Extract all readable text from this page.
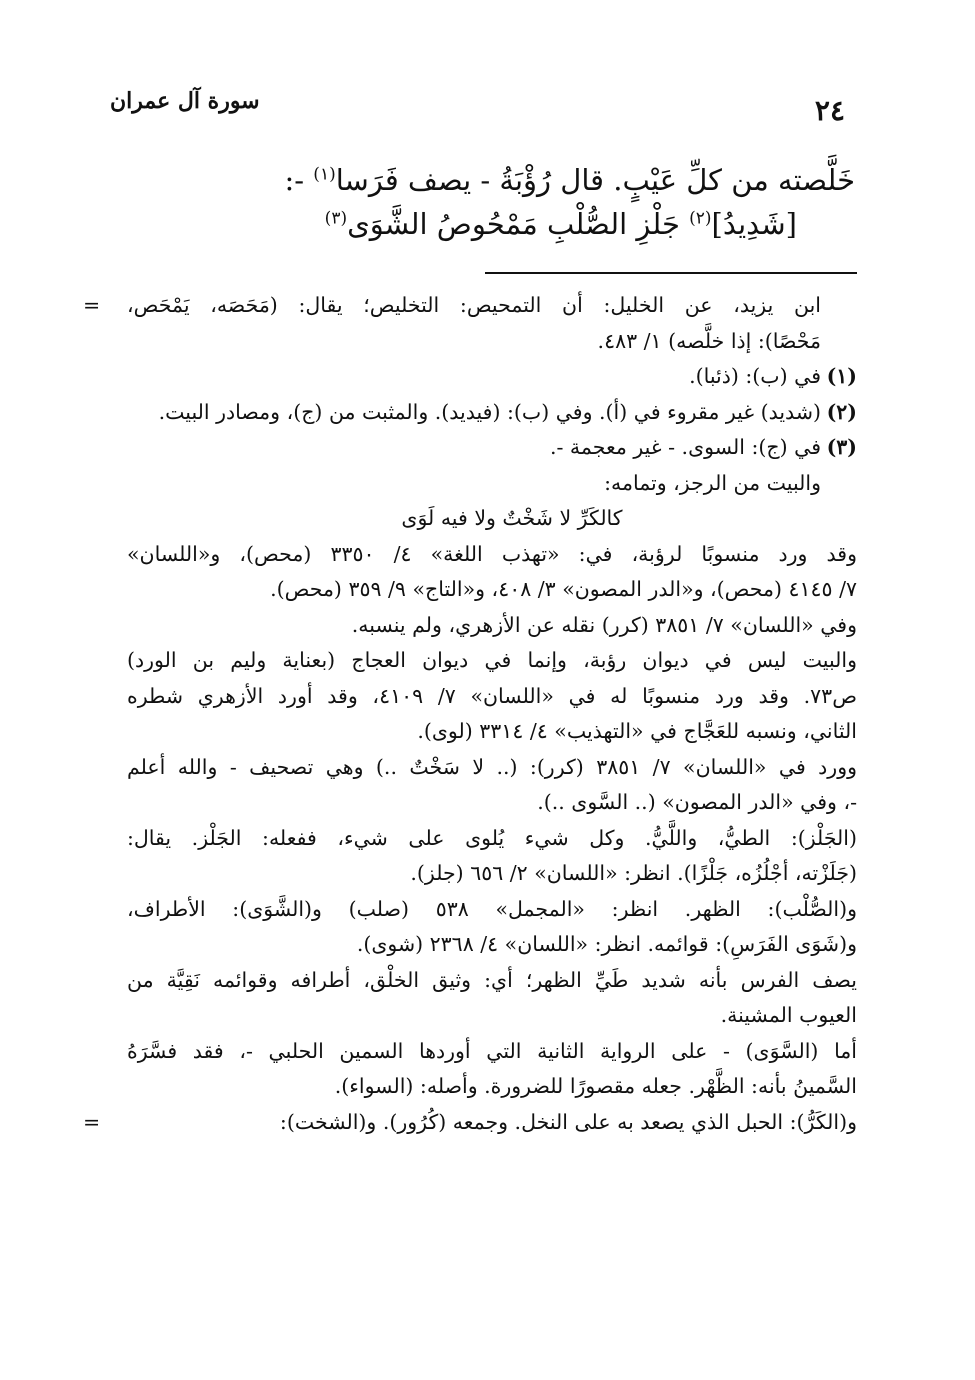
٢٤
سورة آل عمران
خَلَّصته من كلِّ عَيْبٍ. قال رُؤْبَةُ - يصف فَرَسا$^{(١)}$ -:
[شَدِيدُ]$^{(٢)}$ جَلْزِ الصُّلْبِ مَمْحُوصُ الشَّوَى$^{(٣)}$
= ابن يزيد، عن الخليل: أن التمحيص: التخليص؛ يقال: (مَحَصَه، يَمْحَص،
مَحْصًا): إذا خلَّصه) ١/ ٤٨٣.
(١)في (ب): (ذئبا).
(٢)(شديد) غير مقروء في (أ). وفي (ب): (فيديد). والمثبت من (ج)، ومصادر البيت.
(٣)في (ج): السوى. - غير معجمة -.
والبيت من الرجز، وتمامه:
كالكَرِّ لا شَخْتٌ ولا فيه لَوَى
وقد ورد منسوبًا لرؤبة، في: «تهذب اللغة» ٤/ ٣٣٥٠ (محص)، و«اللسان»
٧/ ٤١٤٥ (محص)، و«الدر المصون» ٣/ ٤٠٨، و«التاج» ٩/ ٣٥٩ (محص).
وفي «اللسان» ٧/ ٣٨٥١ (كرر) نقله عن الأزهري، ولم ينسبه.
والبيت ليس في ديوان رؤبة، وإنما في ديوان العجاج (بعناية وليم بن الورد)
ص٧٣. وقد ورد منسوبًا له في «اللسان» ٧/ ٤١٠٩، وقد أورد الأزهري شطره
الثاني، ونسبه للعَجَّاج في «التهذيب» ٤/ ٣٣١٤ (لوى).
وورد في «اللسان» ٧/ ٣٨٥١ (كرر): (.. لا سَخْتٌ ..) وهي تصحيف - والله أعلم
-، وفي «الدر المصون» (.. السَّوى ..).
(الجَلْز): الطيُّ، واللَّيُّ. وكل شيء يُلوى على شيء، ففعله: الجَلْز. يقال:
(جَلَزْته، أجْلُزُه، جَلْزًا). انظر: «اللسان» ٢/ ٦٥٦ (جلز).
و(الصُّلْب): الظهر. انظر: «المجمل» ٥٣٨ (صلب) و(الشَّوَى): الأطراف،
و(شَوَى الفَرَسِ): قوائمه. انظر: «اللسان» ٤/ ٢٣٦٨ (شوى).
يصف الفرس بأنه شديد طَيِّ الظهر؛ أي: وثيق الخلْق، أطرافه وقوائمه نَقِيَّة من
العيوب المشينة.
أما (السَّوَى) - على الرواية الثانية التي أوردها السمين الحلبي -، فقد فسَّرَهُ
السَّمينُ بأنه: الظَّهْر. جعله مقصورًا للضرورة. وأصله: (السواء).
=	و(الكَرُّ): الحبل الذي يصعد به على النخل. وجمعه (كُرُور). و(الشخت):
